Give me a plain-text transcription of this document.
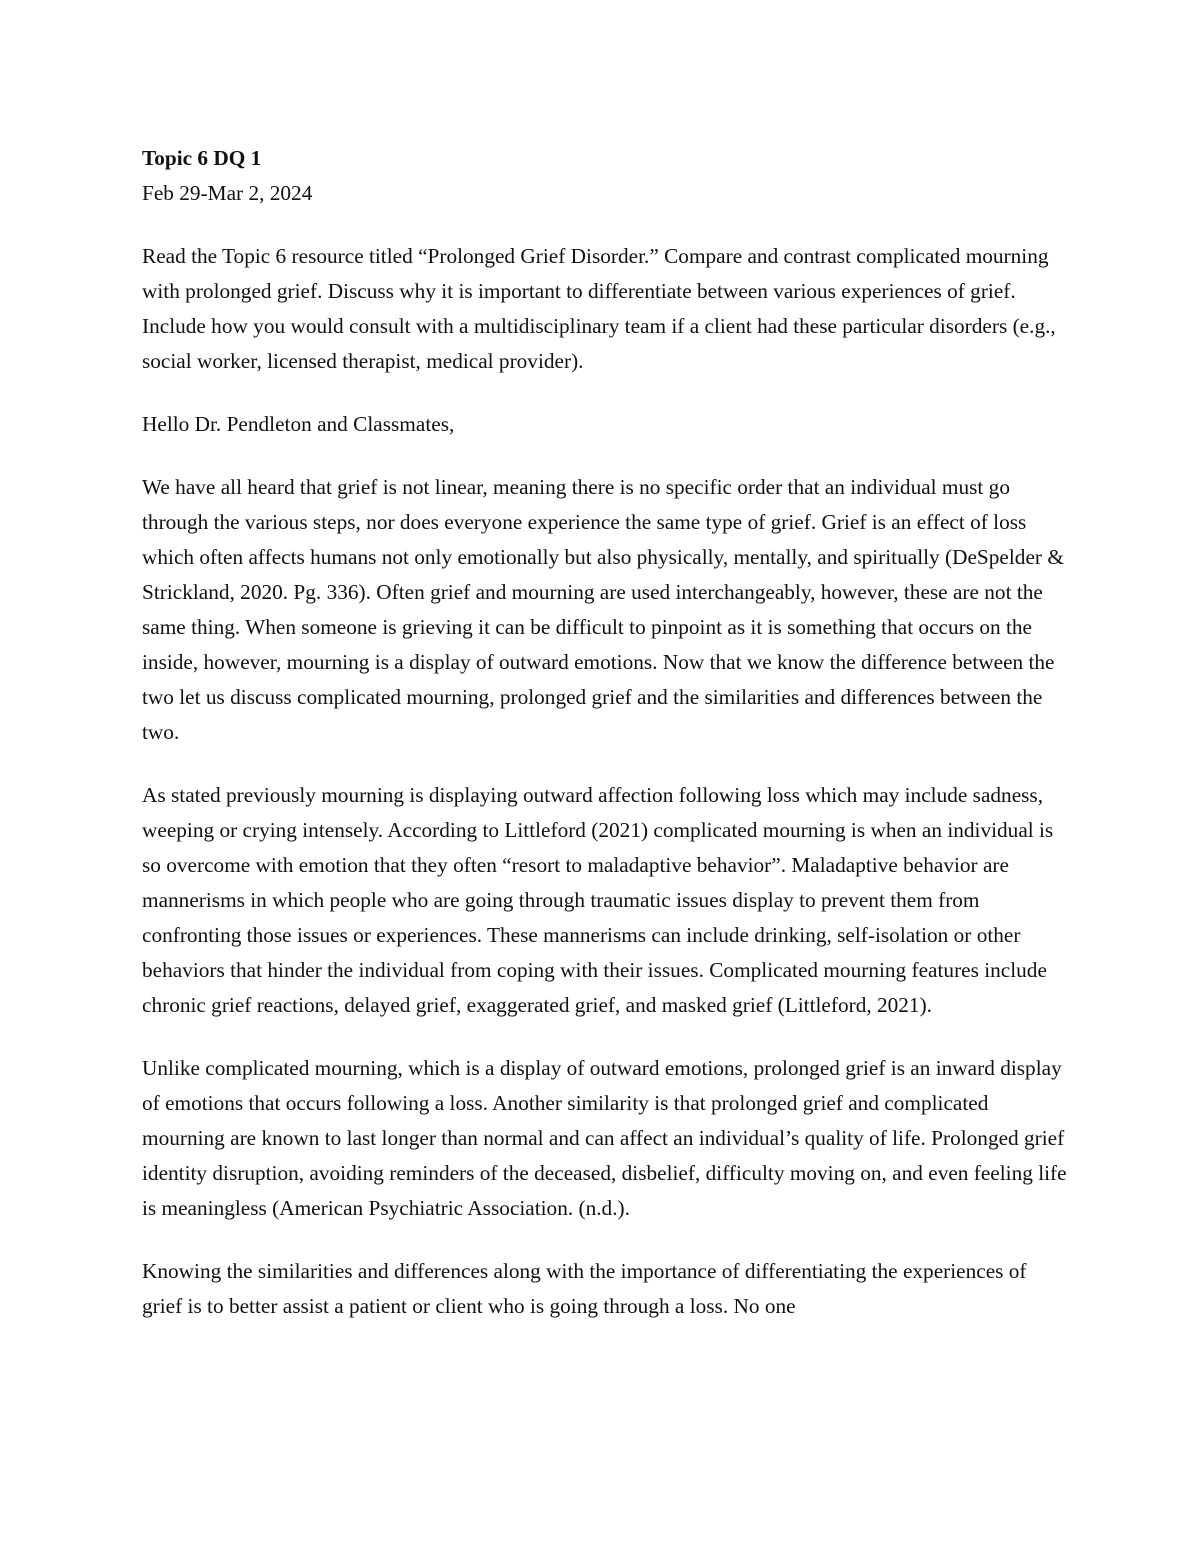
Topic 6 DQ 1

Feb 29-Mar 2, 2024

Read the Topic 6 resource titled “Prolonged Grief Disorder.” Compare and contrast complicated mourning with prolonged grief. Discuss why it is important to differentiate between various experiences of grief. Include how you would consult with a multidisciplinary team if a client had these particular disorders (e.g., social worker, licensed therapist, medical provider).

Hello Dr. Pendleton and Classmates,

We have all heard that grief is not linear, meaning there is no specific order that an individual must go through the various steps, nor does everyone experience the same type of grief. Grief is an effect of loss which often affects humans not only emotionally but also physically, mentally, and spiritually (DeSpelder & Strickland, 2020. Pg. 336). Often grief and mourning are used interchangeably, however, these are not the same thing. When someone is grieving it can be difficult to pinpoint as it is something that occurs on the inside, however, mourning is a display of outward emotions. Now that we know the difference between the two let us discuss complicated mourning, prolonged grief and the similarities and differences between the two.

As stated previously mourning is displaying outward affection following loss which may include sadness, weeping or crying intensely. According to Littleford (2021) complicated mourning is when an individual is so overcome with emotion that they often “resort to maladaptive behavior”. Maladaptive behavior are mannerisms in which people who are going through traumatic issues display to prevent them from confronting those issues or experiences. These mannerisms can include drinking, self-isolation or other behaviors that hinder the individual from coping with their issues. Complicated mourning features include chronic grief reactions, delayed grief, exaggerated grief, and masked grief (Littleford, 2021).

Unlike complicated mourning, which is a display of outward emotions, prolonged grief is an inward display of emotions that occurs following a loss. Another similarity is that prolonged grief and complicated mourning are known to last longer than normal and can affect an individual’s quality of life. Prolonged grief identity disruption, avoiding reminders of the deceased, disbelief, difficulty moving on, and even feeling life is meaningless (American Psychiatric Association. (n.d.).

Knowing the similarities and differences along with the importance of differentiating the experiences of grief is to better assist a patient or client who is going through a loss. No one
